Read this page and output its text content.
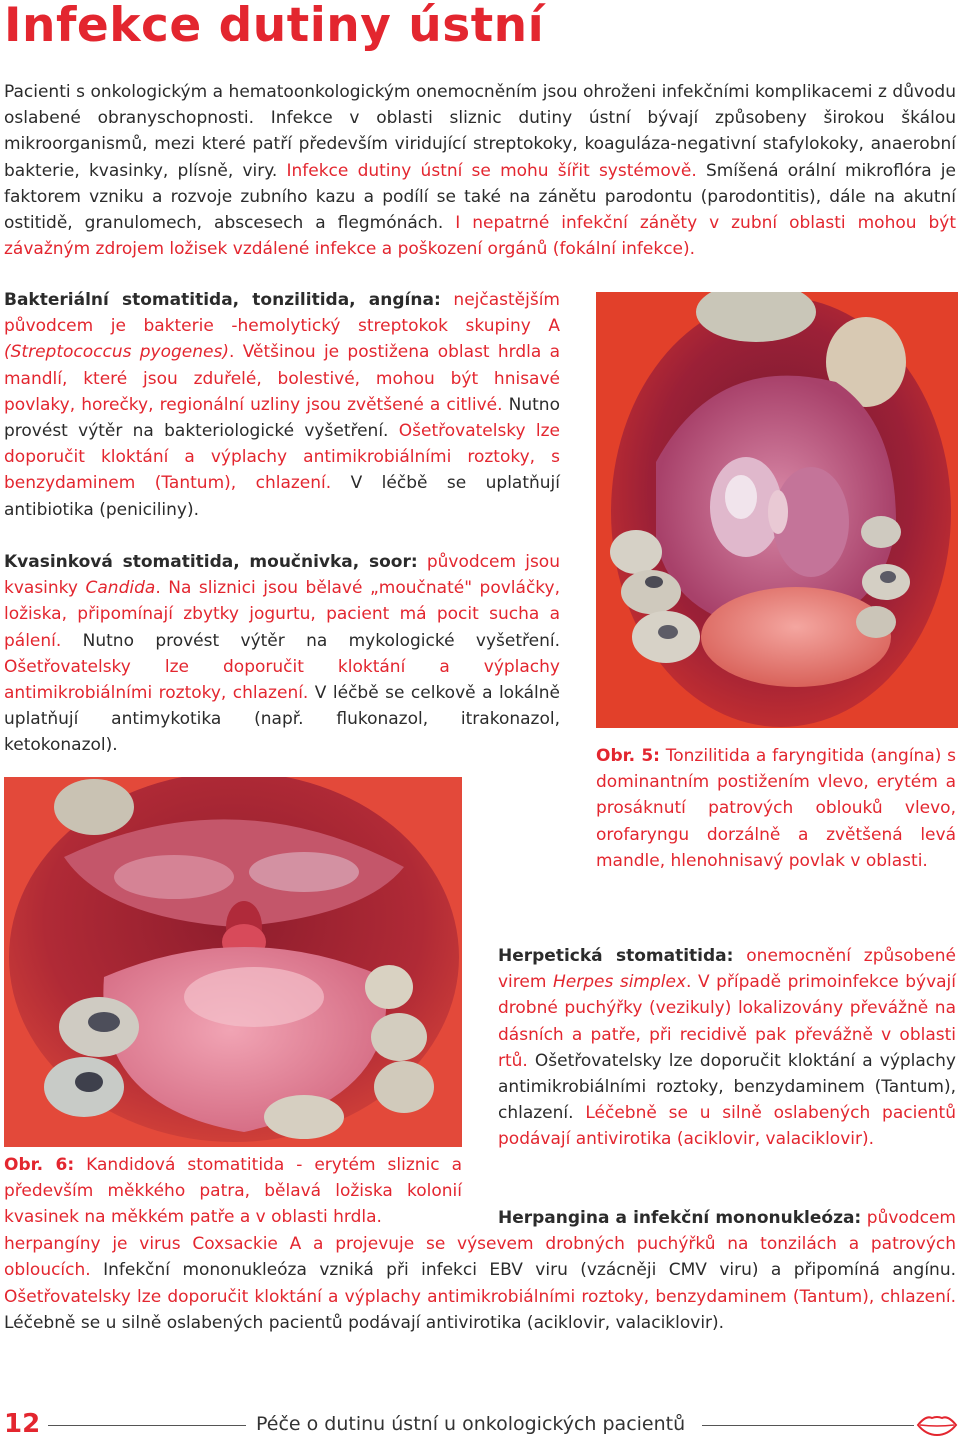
Infekce dutiny ústní

Pacienti s onkologickým a hematoonkologickým onemocněním jsou ohroženi infekčními komplikacemi z důvodu oslabené obranyschopnosti. Infekce v oblasti sliznic dutiny ústní bývají způsobeny širokou škálou mikroorganismů, mezi které patří především viridující streptokoky, koaguláza-negativní stafylokoky, anaerobní bakterie, kvasinky, plísně, viry. Infekce dutiny ústní se mohu šířit systémově. Smíšená orální mikroflóra je faktorem vzniku a rozvoje zubního kazu a podílí se také na zánětu parodontu (parodontitis), dále na akutní ostitidě, granulomech, abscesech a flegmónách. I nepatrné infekční záněty v zubní oblasti mohou být závažným zdrojem ložisek vzdálené infekce a poškození orgánů (fokální infekce).

Bakteriální stomatitida, tonzilitida, angína: nejčastějším původcem je bakterie -hemolytický streptokok skupiny A (Streptococcus pyogenes). Většinou je postižena oblast hrdla a mandlí, které jsou zduřelé, bolestivé, mohou být hnisavé povlaky, horečky, regionální uzliny jsou zvětšené a citlivé. Nutno provést výtěr na bakteriologické vyšetření. Ošetřovatelsky lze doporučit kloktání a výplachy antimikrobiálními roztoky, s benzydaminem (Tantum), chlazení. V léčbě se uplatňují antibiotika (peniciliny).

Kvasinková stomatitida, moučnivka, soor: původcem jsou kvasinky Candida. Na sliznici jsou bělavé „moučnaté" povláčky, ložiska, připomínají zbytky jogurtu, pacient má pocit sucha a pálení. Nutno provést výtěr na mykologické vyšetření. Ošetřovatelsky lze doporučit kloktání a výplachy antimikrobiálními roztoky, chlazení. V léčbě se celkově a lokálně uplatňují antimykotika (např. flukonazol, itrakonazol, ketokonazol).

Obr. 5: Tonzilitida a faryngitida (angína) s dominantním postižením vlevo, erytém a prosáknutí patrových oblouků vlevo, orofaryngu dorzálně a zvětšená levá mandle, hlenohnisavý povlak v oblasti.

Obr. 6: Kandidová stomatitida - erytém sliznic a především měkkého patra, bělavá ložiska kolonií kvasinek na měkkém patře a v oblasti hrdla.

Herpetická stomatitida: onemocnění způsobené virem Herpes simplex. V případě primoinfekce bývají drobné puchýřky (vezikuly) lokalizovány převážně na dásních a patře, při recidivě pak převážně v oblasti rtů. Ošetřovatelsky lze doporučit kloktání a výplachy antimikrobiálními roztoky, benzydaminem (Tantum), chlazení. Léčebně se u silně oslabených pacientů podávají antivirotika (aciklovir, valaciklovir).

Herpangina a infekční mononukleóza: původcem herpangíny je virus Coxsackie A a projevuje se výsevem drobných puchýřků na tonzilách a patrových obloucích. Infekční mononukleóza vzniká při infekci EBV viru (vzácněji CMV viru) a připomíná angínu. Ošetřovatelsky lze doporučit kloktání a výplachy antimikrobiálními roztoky, benzydaminem (Tantum), chlazení. Léčebně se u silně oslabených pacientů podávají antivirotika (aciklovir, valaciklovir).

12	Péče o dutinu ústní u onkologických pacientů
